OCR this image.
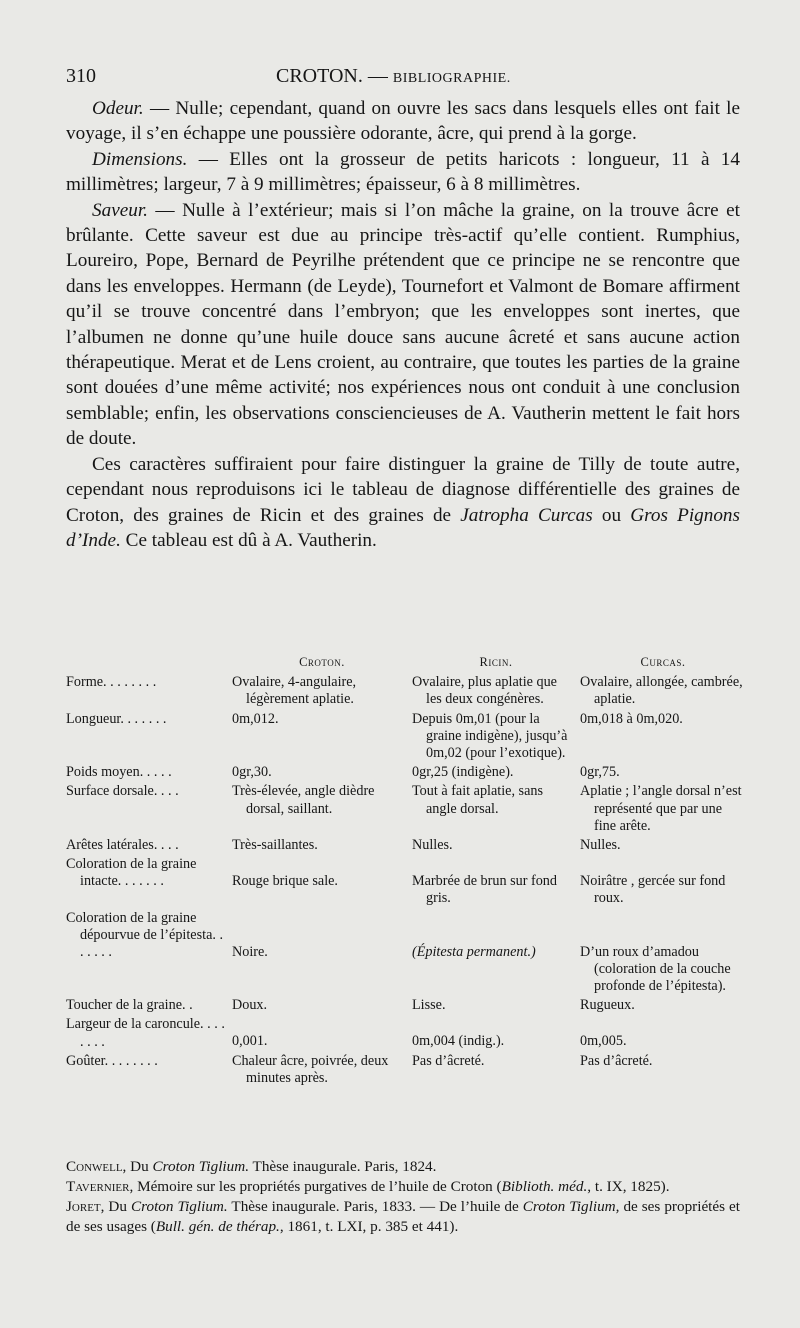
310	CROTON. — BIBLIOGRAPHIE.

Odeur. — Nulle; cependant, quand on ouvre les sacs dans lesquels elles ont fait le voyage, il s’en échappe une poussière odorante, âcre, qui prend à la gorge.

Dimensions. — Elles ont la grosseur de petits haricots : longueur, 11 à 14 millimètres; largeur, 7 à 9 millimètres; épaisseur, 6 à 8 millimètres.

Saveur. — Nulle à l’extérieur; mais si l’on mâche la graine, on la trouve âcre et brûlante. Cette saveur est due au principe très-actif qu’elle contient. Rumphius, Loureiro, Pope, Bernard de Peyrilhe prétendent que ce principe ne se rencontre que dans les enveloppes. Hermann (de Leyde), Tournefort et Valmont de Bomare affirment qu’il se trouve concentré dans l’embryon; que les enveloppes sont inertes, que l’albumen ne donne qu’une huile douce sans aucune âcreté et sans aucune action thérapeutique. Merat et de Lens croient, au contraire, que toutes les parties de la graine sont douées d’une même activité; nos expériences nous ont conduit à une conclusion semblable; enfin, les observations consciencieuses de A. Vautherin mettent le fait hors de doute.

Ces caractères suffiraient pour faire distinguer la graine de Tilly de toute autre, cependant nous reproduisons ici le tableau de diagnose différentielle des graines de Croton, des graines de Ricin et des graines de Jatropha Curcas ou Gros Pignons d’Inde. Ce tableau est dû à A. Vautherin.

	Croton.	Ricin.	Curcas.

Forme. . . . . . . .	Ovalaire, 4-angulaire, légèrement aplatie.	Ovalaire, plus aplatie que les deux congénères.	Ovalaire, allongée, cambrée, aplatie.

Longueur. . . . . . .	0m,012.	Depuis 0m,01 (pour la graine indigène), jusqu’à 0m,02 (pour l’exotique).	0m,018 à 0m,020.

Poids moyen. . . . .	0gr,30.	0gr,25 (indigène).	0gr,75.

Surface dorsale. . . .	Très-élevée, angle dièdre dorsal, saillant.	Tout à fait aplatie, sans angle dorsal.	Aplatie ; l’angle dorsal n’est représenté que par une fine arête.

Arêtes latérales. . . .	Très-saillantes.	Nulles.	Nulles.

Coloration de la graine intacte. . . . . . .	Rouge brique sale.	Marbrée de brun sur fond gris.	Noirâtre , gercée sur fond roux.

Coloration de la graine dépourvue de l’épitesta. . . . . . .	Noire.	(Épitesta permanent.)	D’un roux d’amadou (coloration de la couche profonde de l’épitesta).

Toucher de la graine. .	Doux.	Lisse.	Rugueux.

Largeur de la caroncule. . . . . . . .	0,001.	0m,004 (indig.).	0m,005.

Goûter. . . . . . . .	Chaleur âcre, poivrée, deux minutes après.	Pas d’âcreté.	Pas d’âcreté.

Conwell, Du Croton Tiglium. Thèse inaugurale. Paris, 1824.

Tavernier, Mémoire sur les propriétés purgatives de l’huile de Croton (Biblioth. méd., t. IX, 1825).

Joret, Du Croton Tiglium. Thèse inaugurale. Paris, 1833. — De l’huile de Croton Tiglium, de ses propriétés et de ses usages (Bull. gén. de thérap., 1861, t. LXI, p. 385 et 441).
